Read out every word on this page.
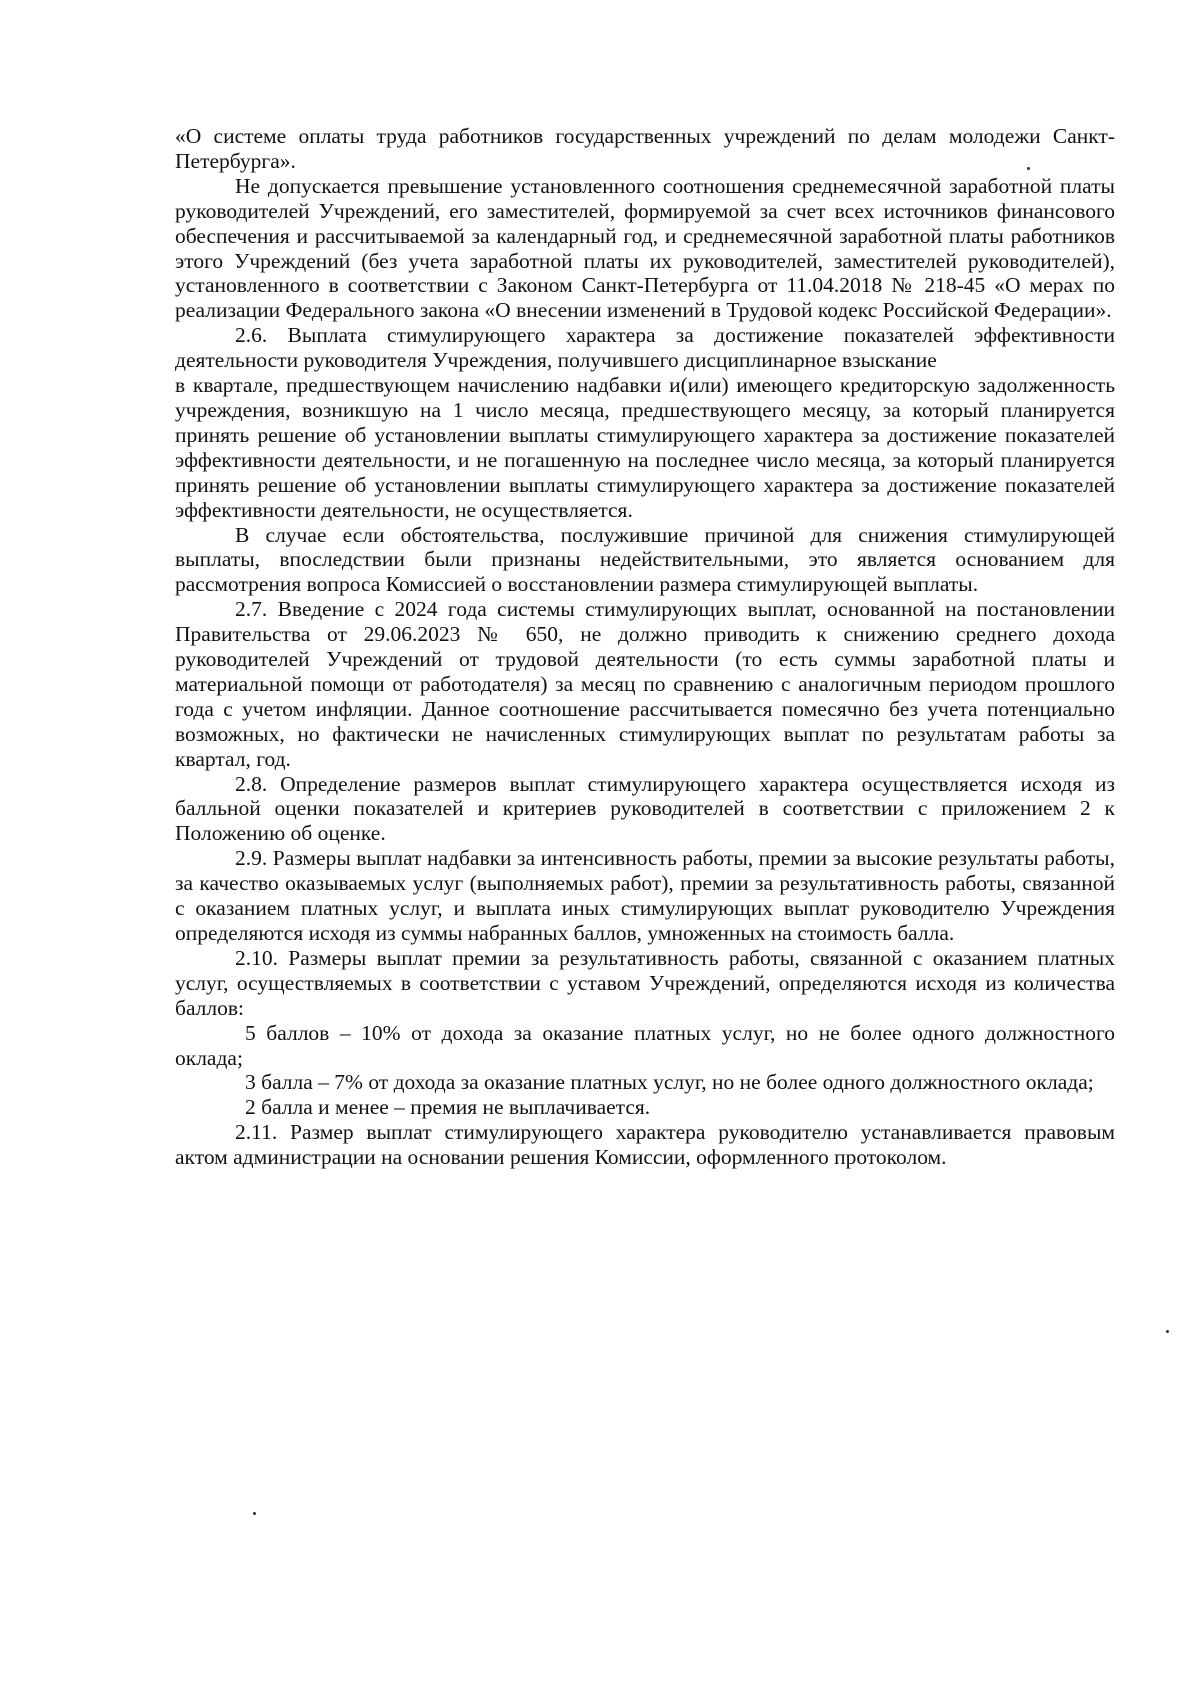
«О системе оплаты труда работников государственных учреждений по делам молодежи Санкт-Петербурга».

Не допускается превышение установленного соотношения среднемесячной заработной платы руководителей Учреждений, его заместителей, формируемой за счет всех источников финансового обеспечения и рассчитываемой за календарный год, и среднемесячной заработной платы работников этого Учреждений (без учета заработной платы их руководителей, заместителей руководителей), установленного в соответствии с Законом Санкт-Петербурга от 11.04.2018 № 218-45 «О мерах по реализации Федерального закона «О внесении изменений в Трудовой кодекс Российской Федерации».

2.6. Выплата стимулирующего характера за достижение показателей эффективности деятельности руководителя Учреждения, получившего дисциплинарное взыскание

в квартале, предшествующем начислению надбавки и(или) имеющего кредиторскую задолженность учреждения, возникшую на 1 число месяца, предшествующего месяцу, за который планируется принять решение об установлении выплаты стимулирующего характера за достижение показателей эффективности деятельности, и не погашенную на последнее число месяца, за который планируется принять решение об установлении выплаты стимулирующего характера за достижение показателей эффективности деятельности, не осуществляется.

В случае если обстоятельства, послужившие причиной для снижения стимулирующей выплаты, впоследствии были признаны недействительными, это является основанием для рассмотрения вопроса Комиссией о восстановлении размера стимулирующей выплаты.

2.7. Введение с 2024 года системы стимулирующих выплат, основанной на постановлении Правительства от 29.06.2023 № 650, не должно приводить к снижению среднего дохода руководителей Учреждений от трудовой деятельности (то есть суммы заработной платы и материальной помощи от работодателя) за месяц по сравнению с аналогичным периодом прошлого года с учетом инфляции. Данное соотношение рассчитывается помесячно без учета потенциально возможных, но фактически не начисленных стимулирующих выплат по результатам работы за квартал, год.

2.8. Определение размеров выплат стимулирующего характера осуществляется исходя из балльной оценки показателей и критериев руководителей в соответствии с приложением 2 к Положению об оценке.

2.9. Размеры выплат надбавки за интенсивность работы, премии за высокие результаты работы, за качество оказываемых услуг (выполняемых работ), премии за результативность работы, связанной с оказанием платных услуг, и выплата иных стимулирующих выплат руководителю Учреждения определяются исходя из суммы набранных баллов, умноженных на стоимость балла.

2.10. Размеры выплат премии за результативность работы, связанной с оказанием платных услуг, осуществляемых в соответствии с уставом Учреждений, определяются исходя из количества баллов:

5 баллов – 10% от дохода за оказание платных услуг, но не более одного должностного оклада;

3 балла – 7% от дохода за оказание платных услуг, но не более одного должностного оклада;

2 балла и менее – премия не выплачивается.

2.11. Размер выплат стимулирующего характера руководителю устанавливается правовым актом администрации на основании решения Комиссии, оформленного протоколом.
